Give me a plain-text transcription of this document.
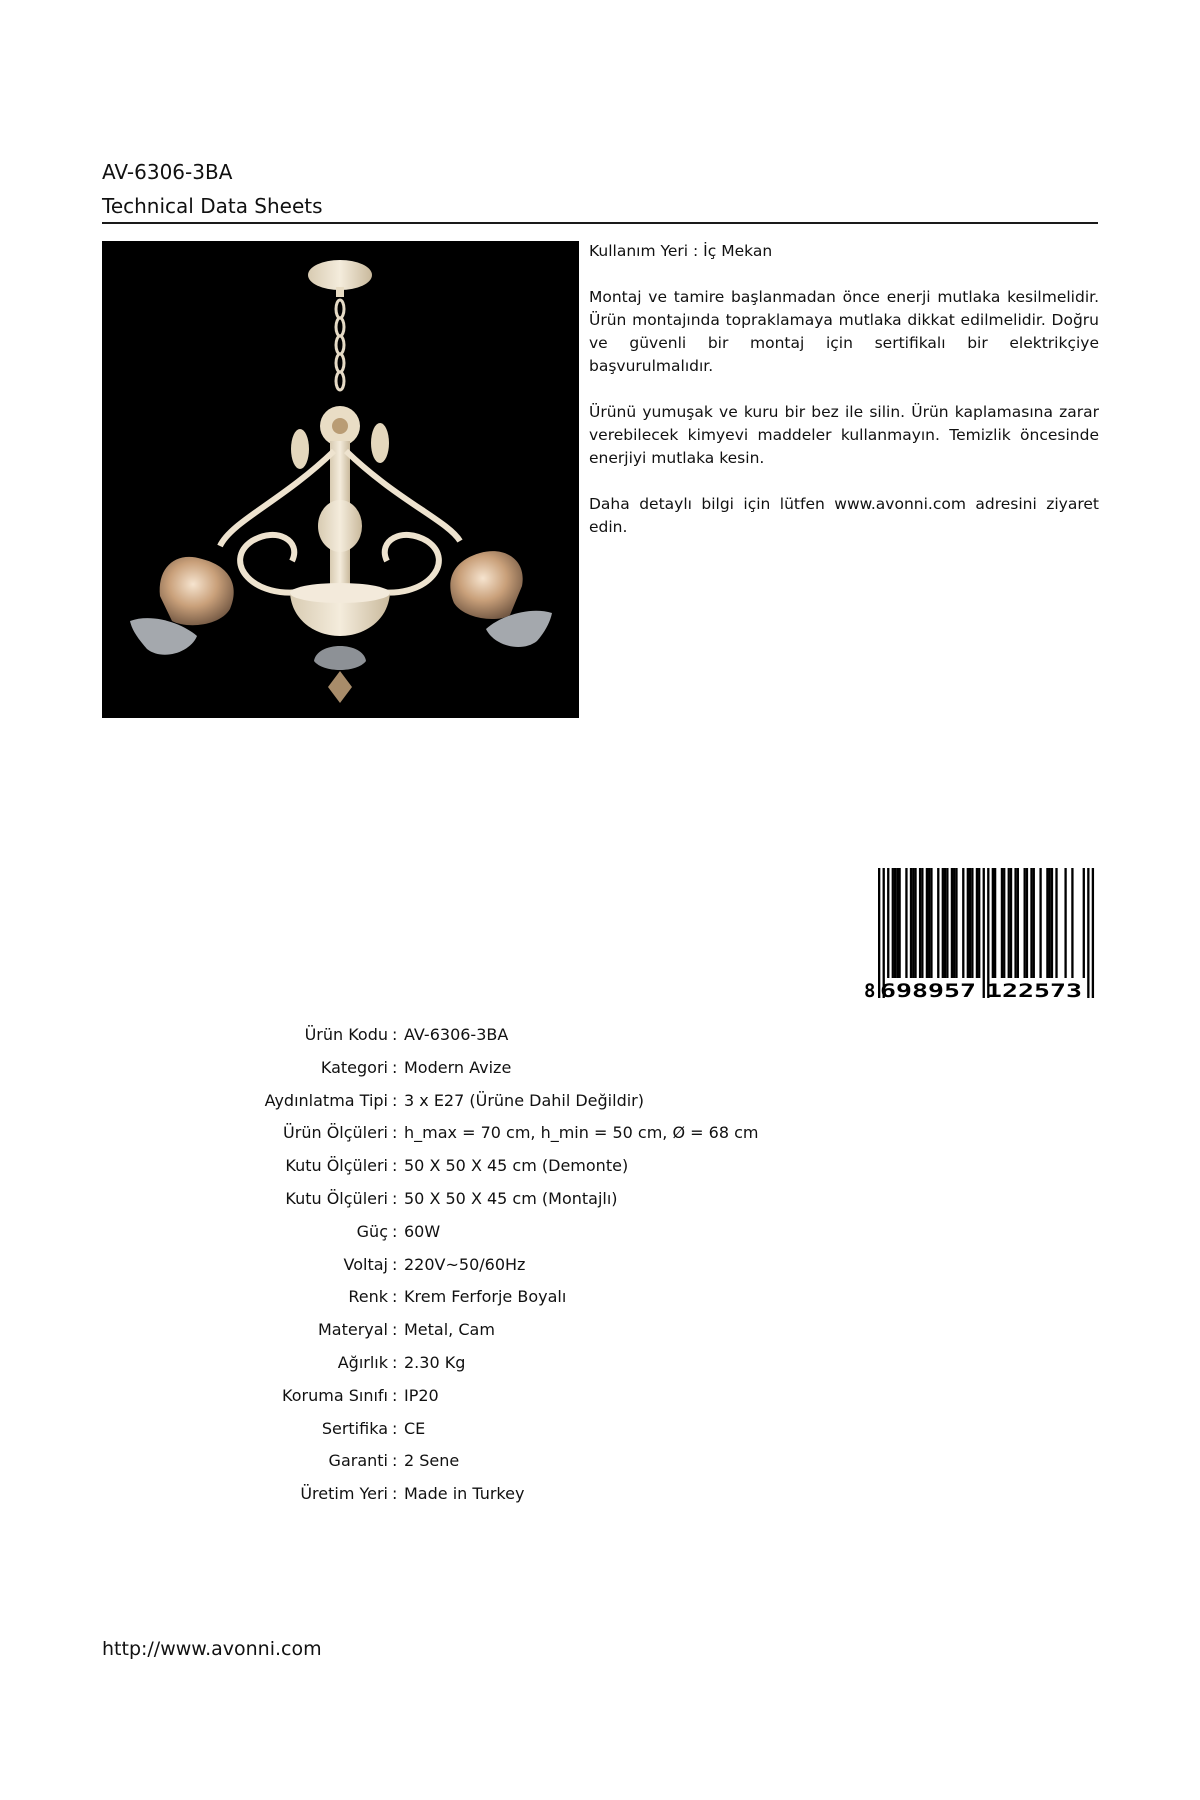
AV-6306-3BA
Technical Data Sheets

Kullanım Yeri : İç Mekan

Montaj ve tamire başlanmadan önce enerji mutlaka kesilmelidir. Ürün montajında topraklamaya mutlaka dikkat edilmelidir. Doğru ve güvenli bir montaj için sertifikalı bir elektrikçiye başvurulmalıdır.

Ürünü yumuşak ve kuru bir bez ile silin. Ürün kaplamasına zarar verebilecek kimyevi maddeler kullanmayın. Temizlik öncesinde enerjiyi mutlaka kesin.

Daha detaylı bilgi için lütfen www.avonni.com adresini ziyaret edin.

8 698957 122573
Ürün Kodu : AV-6306-3BA
Kategori : Modern Avize
Aydınlatma Tipi : 3 x E27 (Ürüne Dahil Değildir)
Ürün Ölçüleri : h_max = 70 cm, h_min = 50 cm, Ø = 68 cm
Kutu Ölçüleri : 50 X 50 X 45 cm (Demonte)
Kutu Ölçüleri : 50 X 50 X 45 cm (Montajlı)
Güç : 60W
Voltaj : 220V~50/60Hz
Renk : Krem Ferforje Boyalı
Materyal : Metal, Cam
Ağırlık : 2.30 Kg
Koruma Sınıfı : IP20
Sertifika : CE
Garanti : 2 Sene
Üretim Yeri : Made in Turkey
http://www.avonni.com
